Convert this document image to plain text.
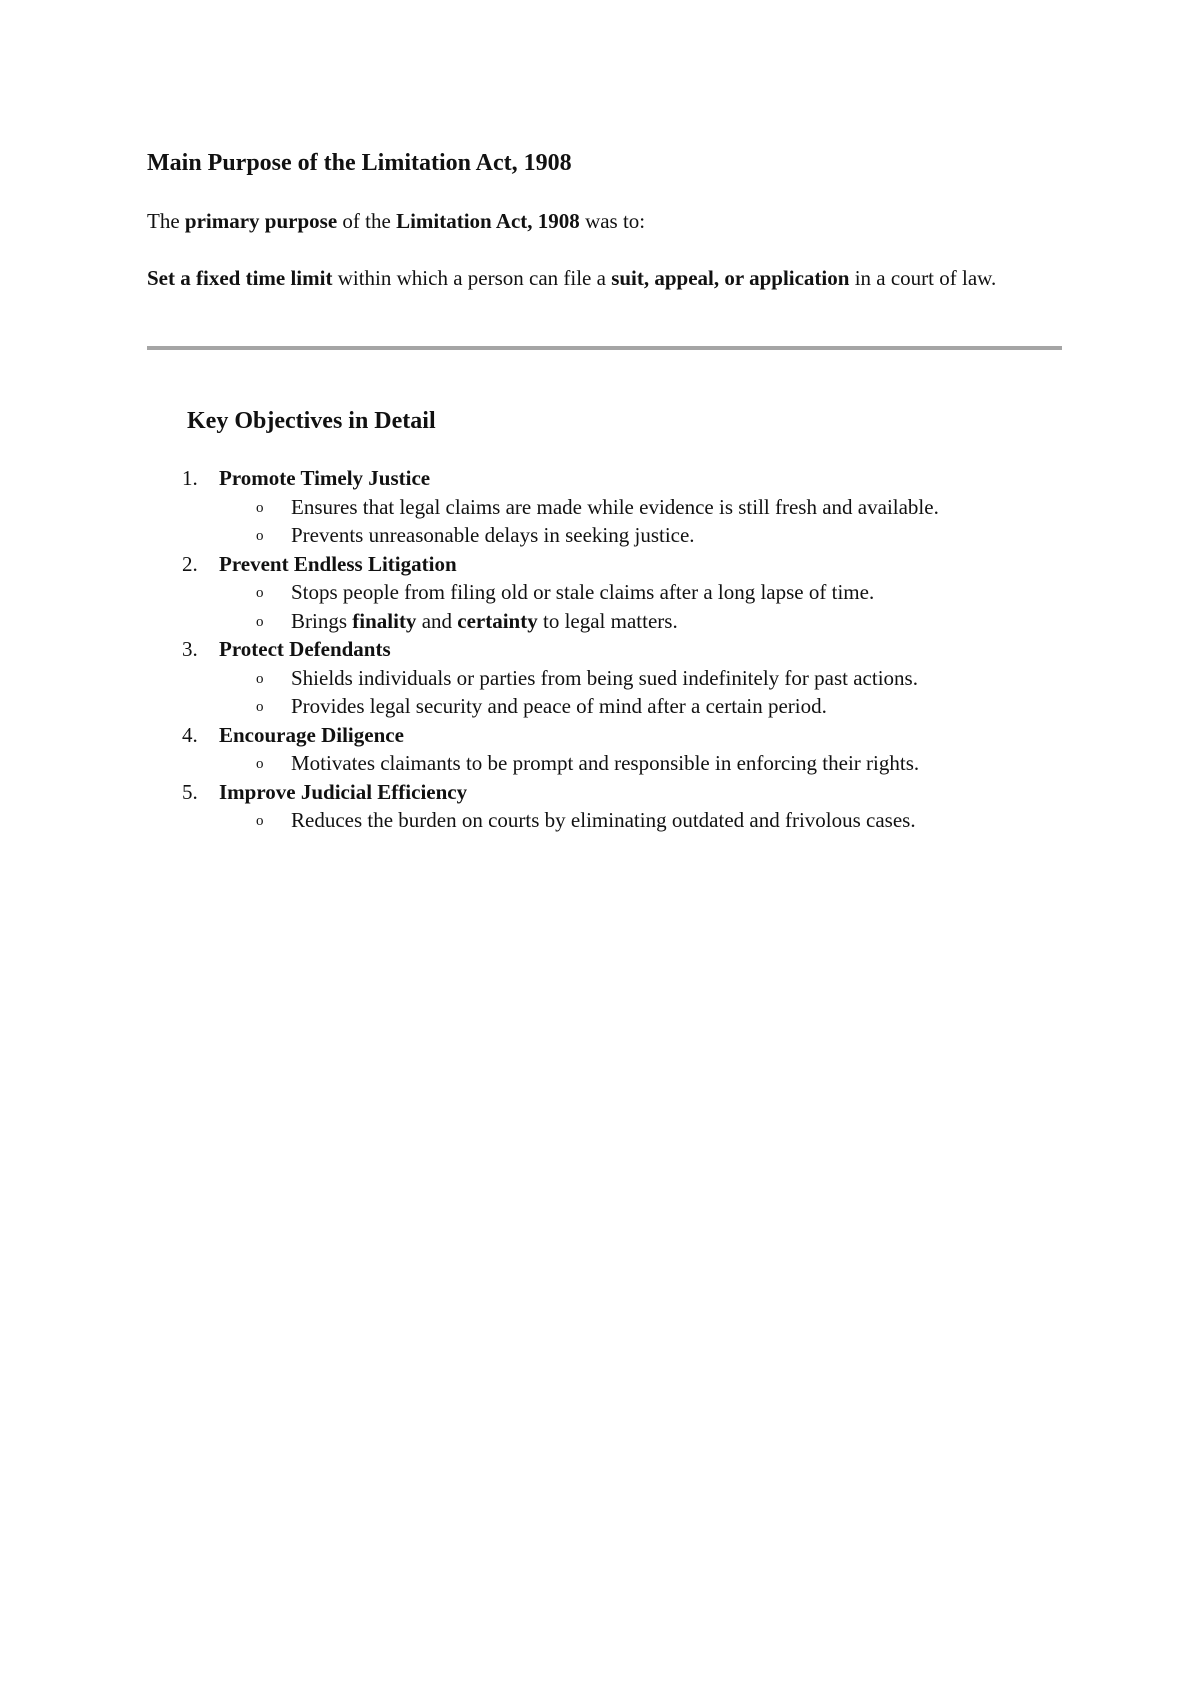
Main Purpose of the Limitation Act, 1908

The primary purpose of the Limitation Act, 1908 was to:

Set a fixed time limit within which a person can file a suit, appeal, or application in a court of law.

Key Objectives in Detail
1. Promote Timely Justice
o Ensures that legal claims are made while evidence is still fresh and available.
o Prevents unreasonable delays in seeking justice.
2. Prevent Endless Litigation
o Stops people from filing old or stale claims after a long lapse of time.
o Brings finality and certainty to legal matters.
3. Protect Defendants
o Shields individuals or parties from being sued indefinitely for past actions.
o Provides legal security and peace of mind after a certain period.
4. Encourage Diligence
o Motivates claimants to be prompt and responsible in enforcing their rights.
5. Improve Judicial Efficiency
o Reduces the burden on courts by eliminating outdated and frivolous cases.
